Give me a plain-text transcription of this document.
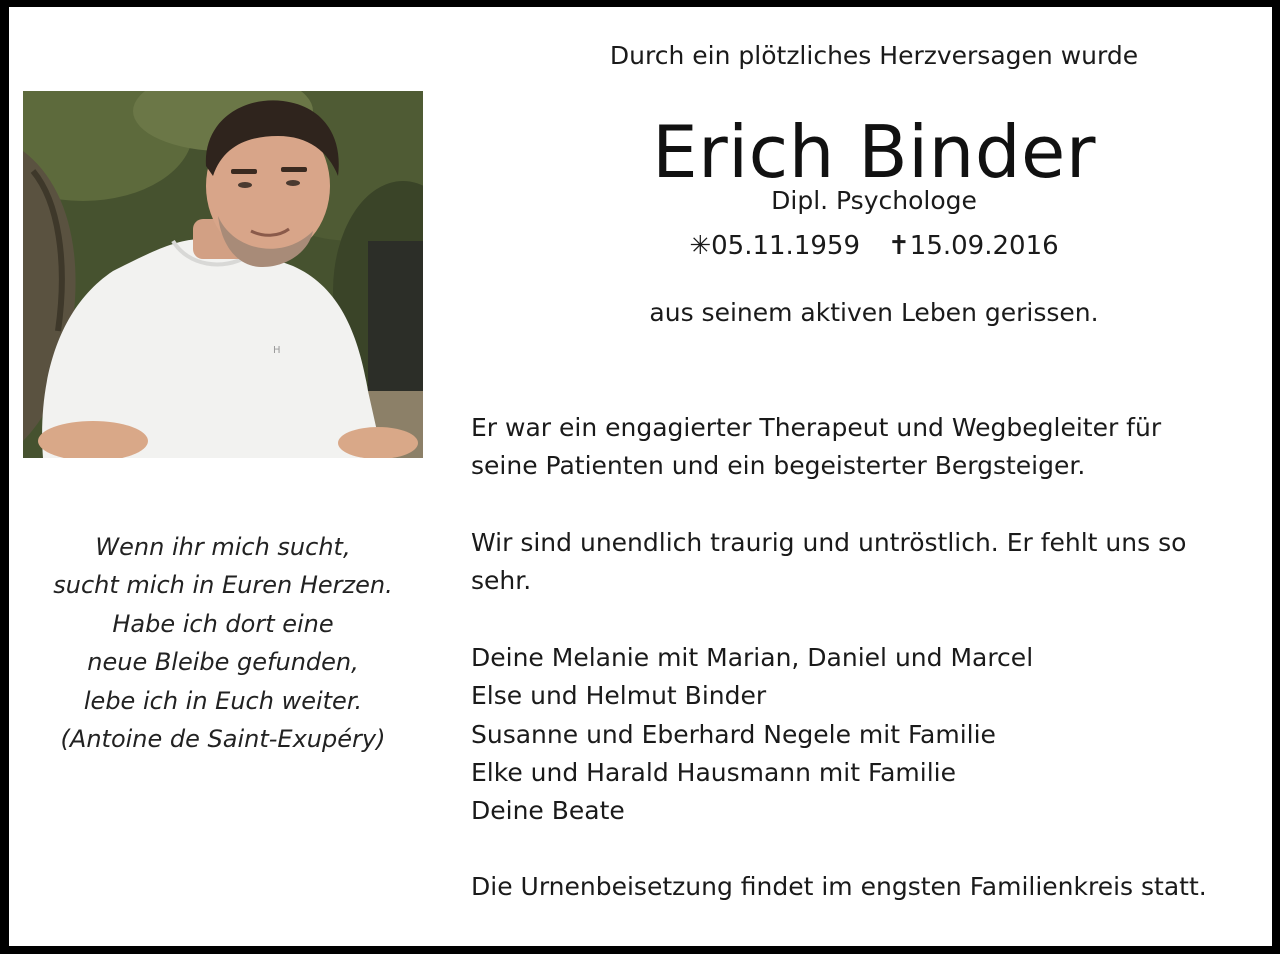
H
Wenn ihr mich sucht,
sucht mich in Euren Herzen.
Habe ich dort eine
neue Bleibe gefunden,
lebe ich in Euch weiter.
(Antoine de Saint-Exupéry)
Durch ein plötzliches Herzversagen wurde
Erich Binder
Dipl. Psychologe
✳05.11.1959 ✝15.09.2016
aus seinem aktiven Leben gerissen.
Er war ein engagierter Therapeut und Wegbegleiter für
seine Patienten und ein begeisterter Bergsteiger.
Wir sind unendlich traurig und untröstlich. Er fehlt uns so
sehr.
Deine Melanie mit Marian, Daniel und Marcel
Else und Helmut Binder
Susanne und Eberhard Negele mit Familie
Elke und Harald Hausmann mit Familie
Deine Beate
Die Urnenbeisetzung findet im engsten Familienkreis statt.
